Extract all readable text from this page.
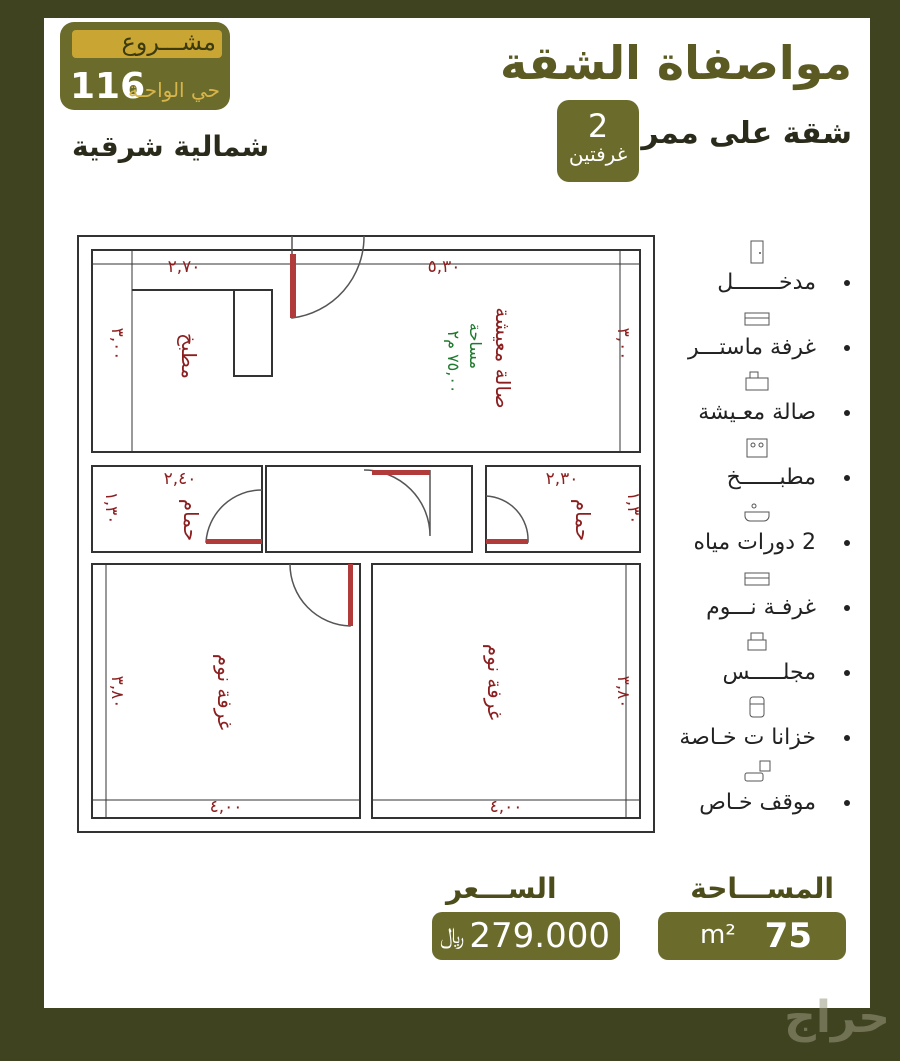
مشـــروع
116
حي الواحـة	مواصفاة الشقة
شقة على ممر
شمالية شرقية
2
غرفتين
٢,٧٠	٥,٣٠
٣,٠٠	٣,٠٠
٢,٤٠	٢,٣٠
١,٣٠	١,٣٠
٣,٨٠	٣,٨٠
٤,٠٠	٤,٠٠
مطبخ	صالة معيشة
حمام	حمام
غرفة نوم	غرفة نوم
مساحة
٧٥,٠٠ م٢
مدخـــــــل
غرفة ماستـــر
صالة معـيشة
مطبــــــخ
2 دورات مياه
غرفـة نـــوم
مجلـــــس
خزانا ت خـاصة
موقف خـاص
المســـاحة
الســـعر
m² 75
﷼ 279.000
حراج
